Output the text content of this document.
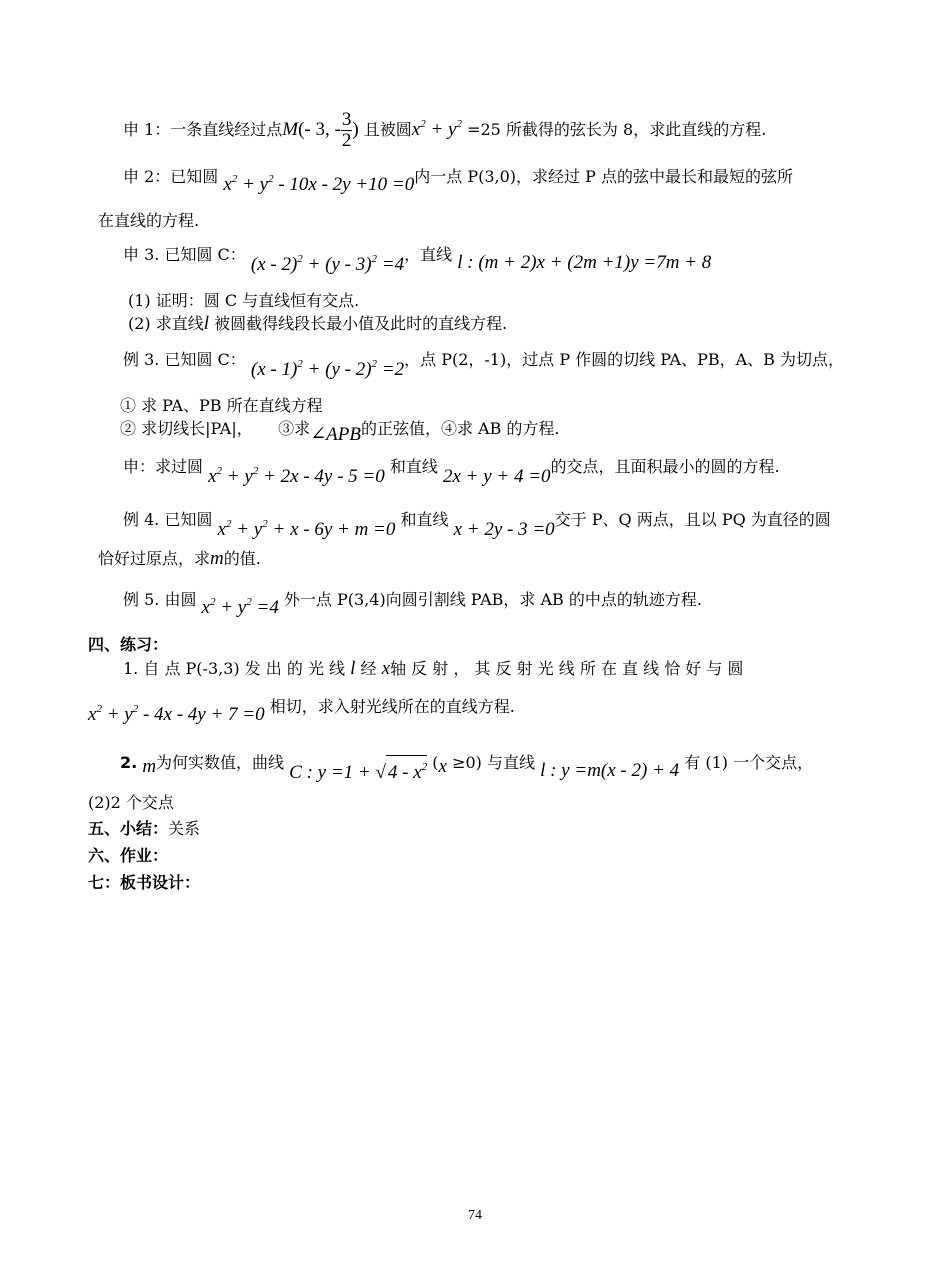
申 1：一条直线经过点M(- 3, - $\frac{3}{2}$ ) 且被圆$x^2 + y^2 =25$ 所截得的弦长为 8，求此直线的方程.
申 2：已知圆 $x^2 + y^2 - 10x - 2y +10 =0$内一点 P(3,0)，求经过 P 点的弦中最长和最短的弦所
在直线的方程.
申 3. 已知圆 C： (x - 2)$^2$ + (y - 3)$^2$ =4，直线 l : (m + 2)x + (2m +1)y =7m + 8
(1) 证明：圆 C 与直线恒有交点.
(2) 求直线l 被圆截得线段长最小值及此时的直线方程.
例 3. 已知圆 C： (x - 1)$^2$ + (y - 2)$^2$ =2，点 P(2，-1)，过点 P 作圆的切线 PA、PB，A、B 为切点，
① 求 PA、PB 所在直线方程
② 求切线长|PA|， ③求∠APB的正弦值，④求 AB 的方程.
申：求过圆 $x^2 + y^2 + 2x - 4y - 5 =0$ 和直线 2x + y + 4 =0的交点，且面积最小的圆的方程.
例 4. 已知圆 $x^2 + y^2 + x - 6y + m =0$ 和直线 x + 2y - 3 =0交于 P、Q 两点，且以 PQ 为直径的圆
恰好过原点，求m的值.
例 5. 由圆 $x^2 + y^2 =4$ 外一点 P(3,4)向圆引割线 PAB，求 AB 的中点的轨迹方程.
四、练习：
1. 自 点 P(-3,3) 发 出 的 光 线 l 经 x轴 反 射 ， 其 反 射 光 线 所 在 直 线 恰 好 与 圆
$x^2 + y^2 - 4x - 4y + 7 =0$ 相切，求入射光线所在的直线方程.
2. m为何实数值，曲线 C : y =1 + √ $4 - x^2$ (x ≥0) 与直线 l : y =m(x - 2) + 4 有 (1) 一个交点，
(2)2 个交点
五、小结：关系
六、作业：
七：板书设计：
74
